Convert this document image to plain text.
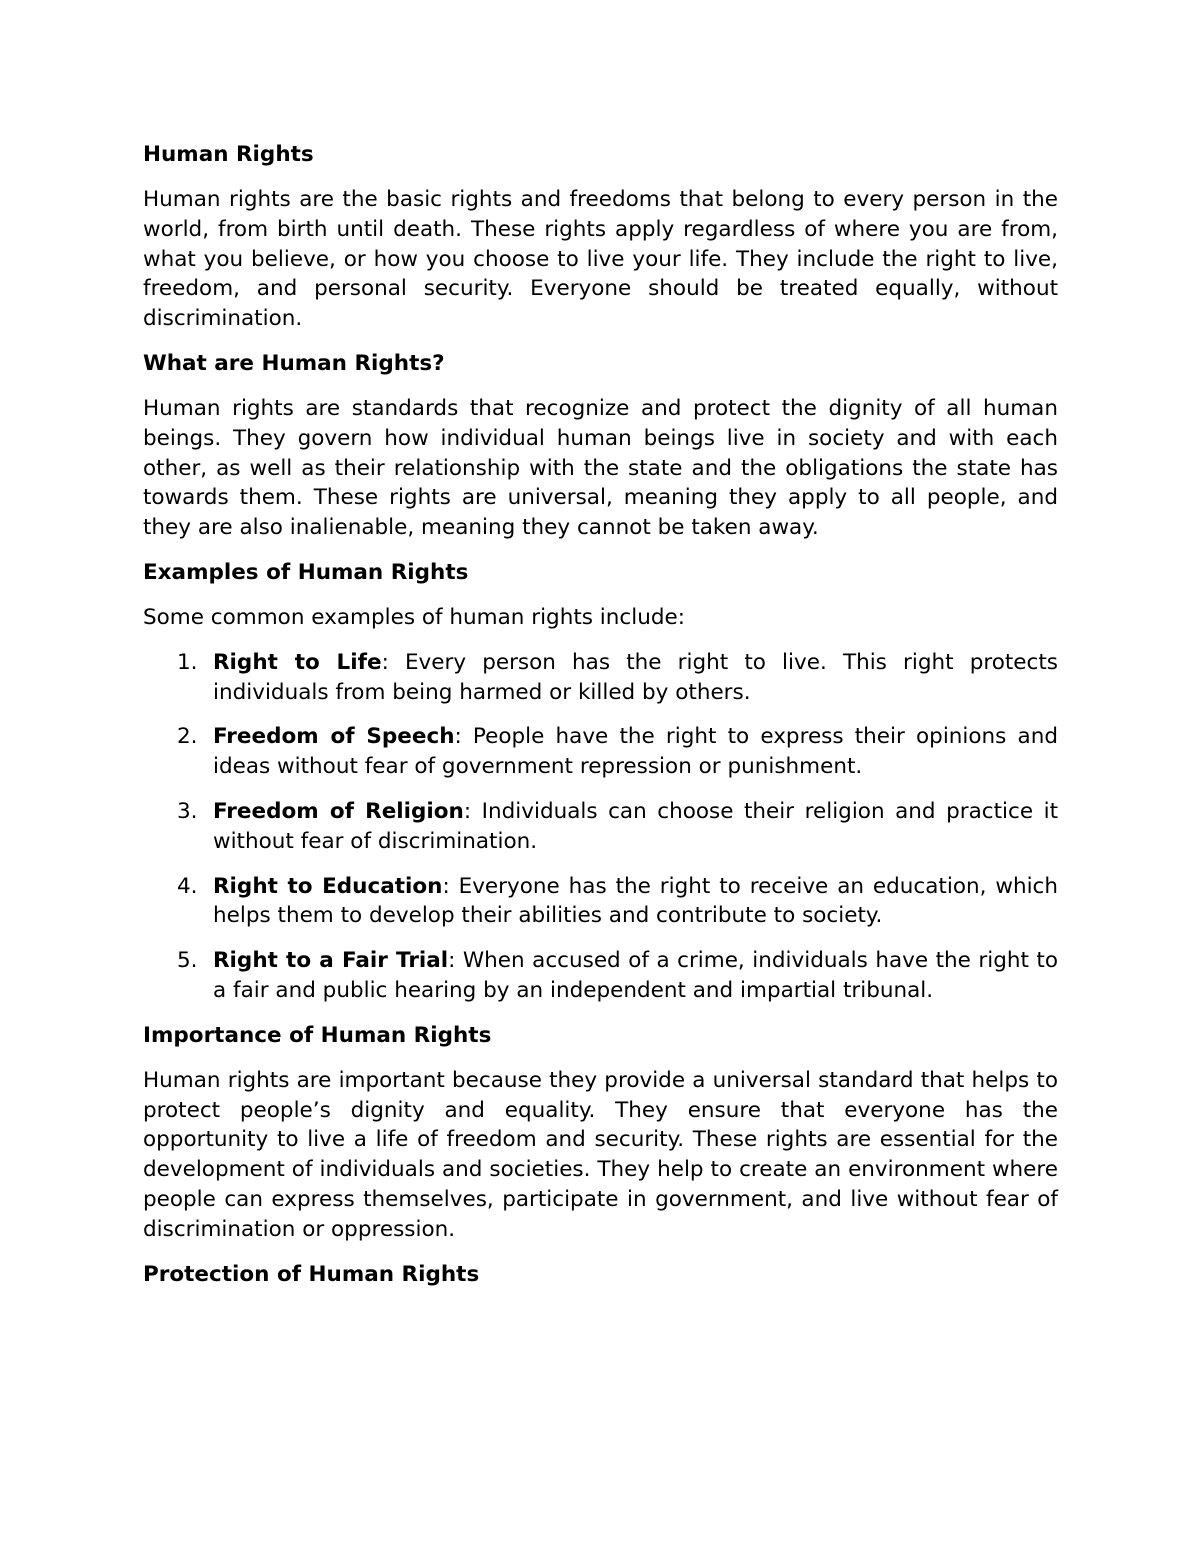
Human Rights

Human rights are the basic rights and freedoms that belong to every person in the world, from birth until death. These rights apply regardless of where you are from, what you believe, or how you choose to live your life. They include the right to live, freedom, and personal security. Everyone should be treated equally, without discrimination.

What are Human Rights?

Human rights are standards that recognize and protect the dignity of all human beings. They govern how individual human beings live in society and with each other, as well as their relationship with the state and the obligations the state has towards them. These rights are universal, meaning they apply to all people, and they are also inalienable, meaning they cannot be taken away.

Examples of Human Rights

Some common examples of human rights include:

1. Right to Life: Every person has the right to live. This right protects individuals from being harmed or killed by others.
2. Freedom of Speech: People have the right to express their opinions and ideas without fear of government repression or punishment.
3. Freedom of Religion: Individuals can choose their religion and practice it without fear of discrimination.
4. Right to Education: Everyone has the right to receive an education, which helps them to develop their abilities and contribute to society.
5. Right to a Fair Trial: When accused of a crime, individuals have the right to a fair and public hearing by an independent and impartial tribunal.
Importance of Human Rights

Human rights are important because they provide a universal standard that helps to protect people’s dignity and equality. They ensure that everyone has the opportunity to live a life of freedom and security. These rights are essential for the development of individuals and societies. They help to create an environment where people can express themselves, participate in government, and live without fear of discrimination or oppression.

Protection of Human Rights
